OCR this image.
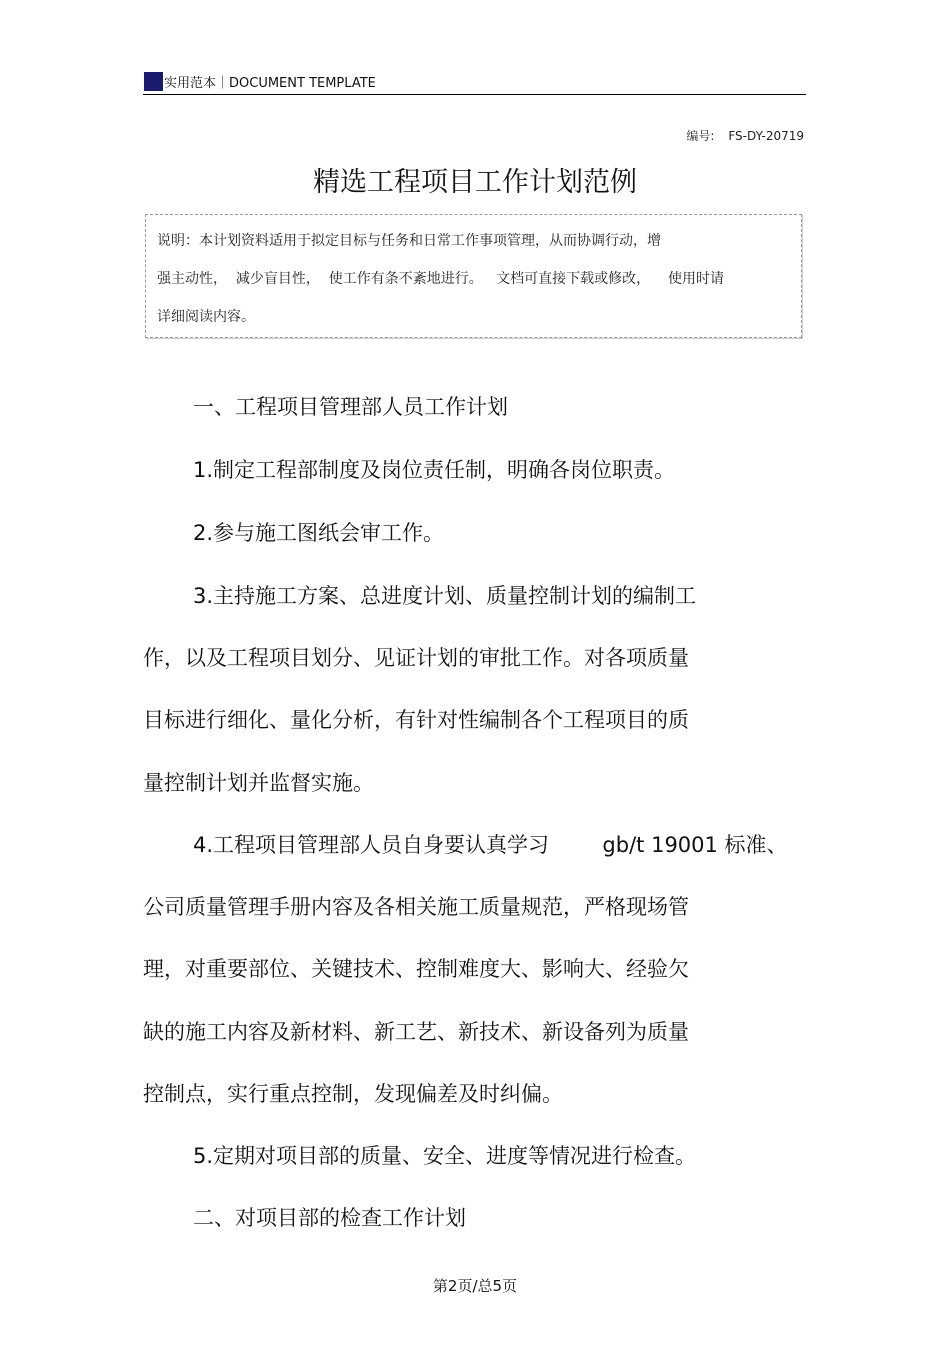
实用范本｜DOCUMENT TEMPLATE
编号: FS-DY-20719
精选工程项目工作计划范例
说明：本计划资料适用于拟定目标与任务和日常工作事项管理，从而协调行动，增
强主动性，  减少盲目性，  使工作有条不紊地进行。   文档可直接下载或修改，    使用时请
详细阅读内容。
一、工程项目管理部人员工作计划
1.制定工程部制度及岗位责任制，明确各岗位职责。
2.参与施工图纸会审工作。
3.主持施工方案、总进度计划、质量控制计划的编制工
作，以及工程项目划分、见证计划的审批工作。对各项质量
目标进行细化、量化分析，有针对性编制各个工程项目的质
量控制计划并监督实施。
4.工程项目管理部人员自身要认真学习        gb/t 19001 标准、
公司质量管理手册内容及各相关施工质量规范，严格现场管
理，对重要部位、关键技术、控制难度大、影响大、经验欠
缺的施工内容及新材料、新工艺、新技术、新设备列为质量
控制点，实行重点控制，发现偏差及时纠偏。
5.定期对项目部的质量、安全、进度等情况进行检查。
二、对项目部的检查工作计划
第2页/总5页
